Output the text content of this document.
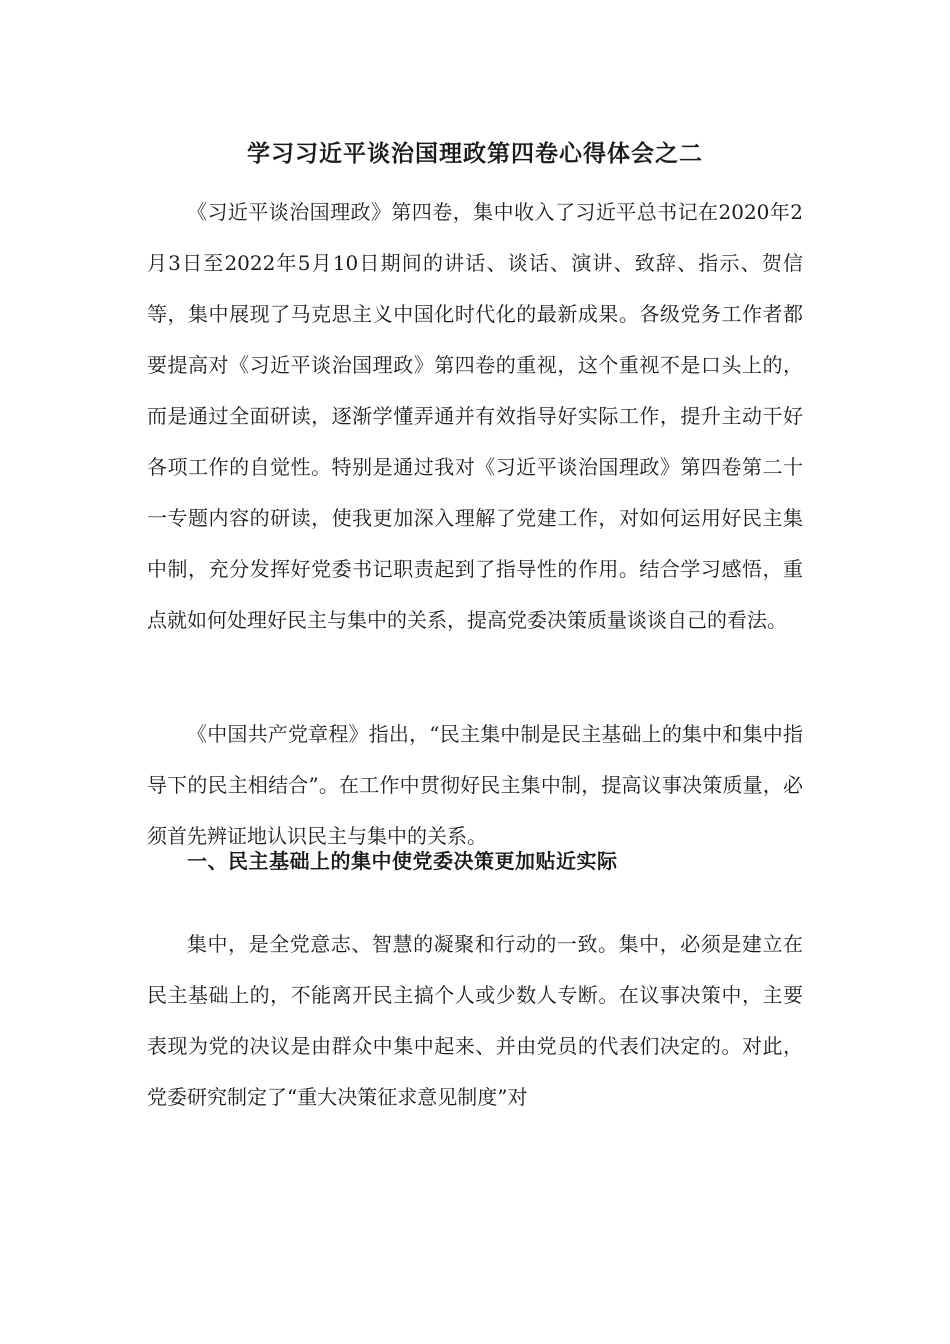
学习习近平谈治国理政第四卷心得体会之二

《习近平谈治国理政》第四卷，集中收入了习近平总书记在2020年2月3日至2022年5月10日期间的讲话、谈话、演讲、致辞、指示、贺信等，集中展现了马克思主义中国化时代化的最新成果。各级党务工作者都要提高对《习近平谈治国理政》第四卷的重视，这个重视不是口头上的，而是通过全面研读，逐渐学懂弄通并有效指导好实际工作，提升主动干好各项工作的自觉性。特别是通过我对《习近平谈治国理政》第四卷第二十一专题内容的研读，使我更加深入理解了党建工作，对如何运用好民主集中制，充分发挥好党委书记职责起到了指导性的作用。结合学习感悟，重点就如何处理好民主与集中的关系，提高党委决策质量谈谈自己的看法。

《中国共产党章程》指出，“民主集中制是民主基础上的集中和集中指导下的民主相结合”。在工作中贯彻好民主集中制，提高议事决策质量，必须首先辨证地认识民主与集中的关系。

一、民主基础上的集中使党委决策更加贴近实际

集中，是全党意志、智慧的凝聚和行动的一致。集中，必须是建立在民主基础上的，不能离开民主搞个人或少数人专断。在议事决策中，主要表现为党的决议是由群众中集中起来、并由党员的代表们决定的。对此，党委研究制定了“重大决策征求意见制度”对
